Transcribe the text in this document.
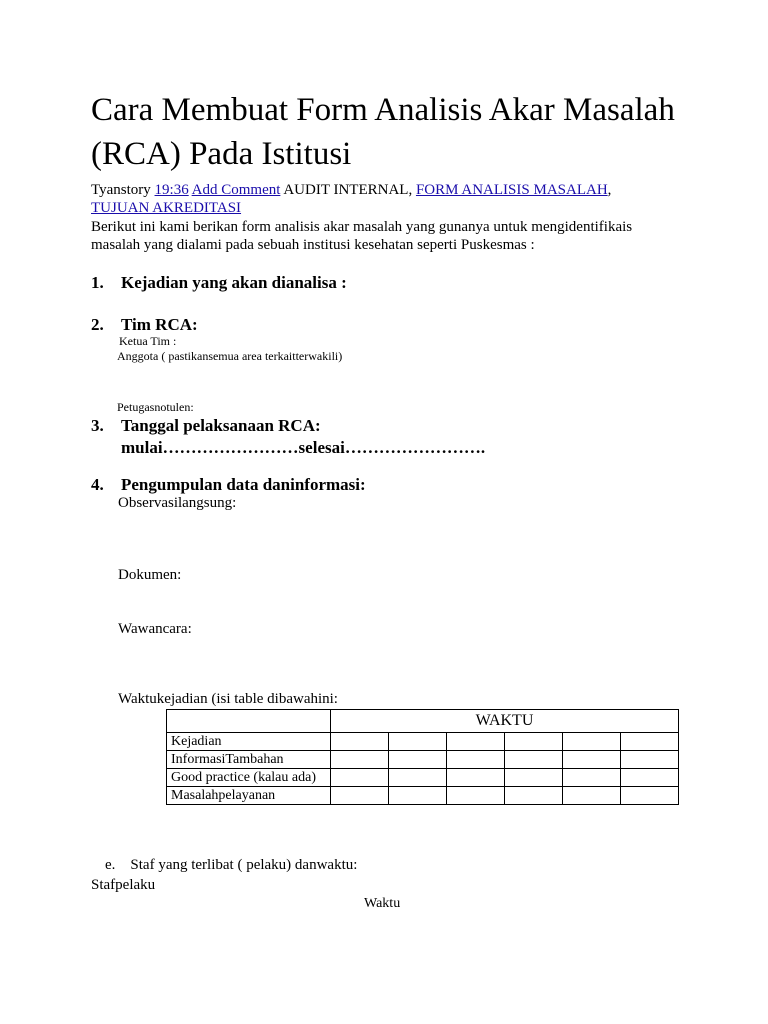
Cara Membuat Form Analisis Akar Masalah (RCA) Pada Istitusi
Tyanstory 19:36 Add Comment AUDIT INTERNAL, FORM ANALISIS MASALAH,
TUJUAN AKREDITASI
Berikut ini kami berikan form analisis akar masalah yang gunanya untuk mengidentifikais masalah yang dialami pada sebuah institusi kesehatan seperti Puskesmas :
1. Kejadian yang akan dianalisa :
2. Tim RCA:
Ketua Tim :
Anggota ( pastikansemua area terkaitterwakili)
Petugasnotulen:
3. Tanggal pelaksanaan RCA:
mulai……………………selesai…………………….
4. Pengumpulan data daninformasi:
Observasilangsung:
Dokumen:
Wawancara:
Waktukejadian (isi table dibawahini:
	WAKTU					
Kejadian						
InformasiTambahan						
Good practice (kalau ada)						
Masalahpelayanan						
e.    Staf yang terlibat ( pelaku) danwaktu:
Stafpelaku
Waktu
